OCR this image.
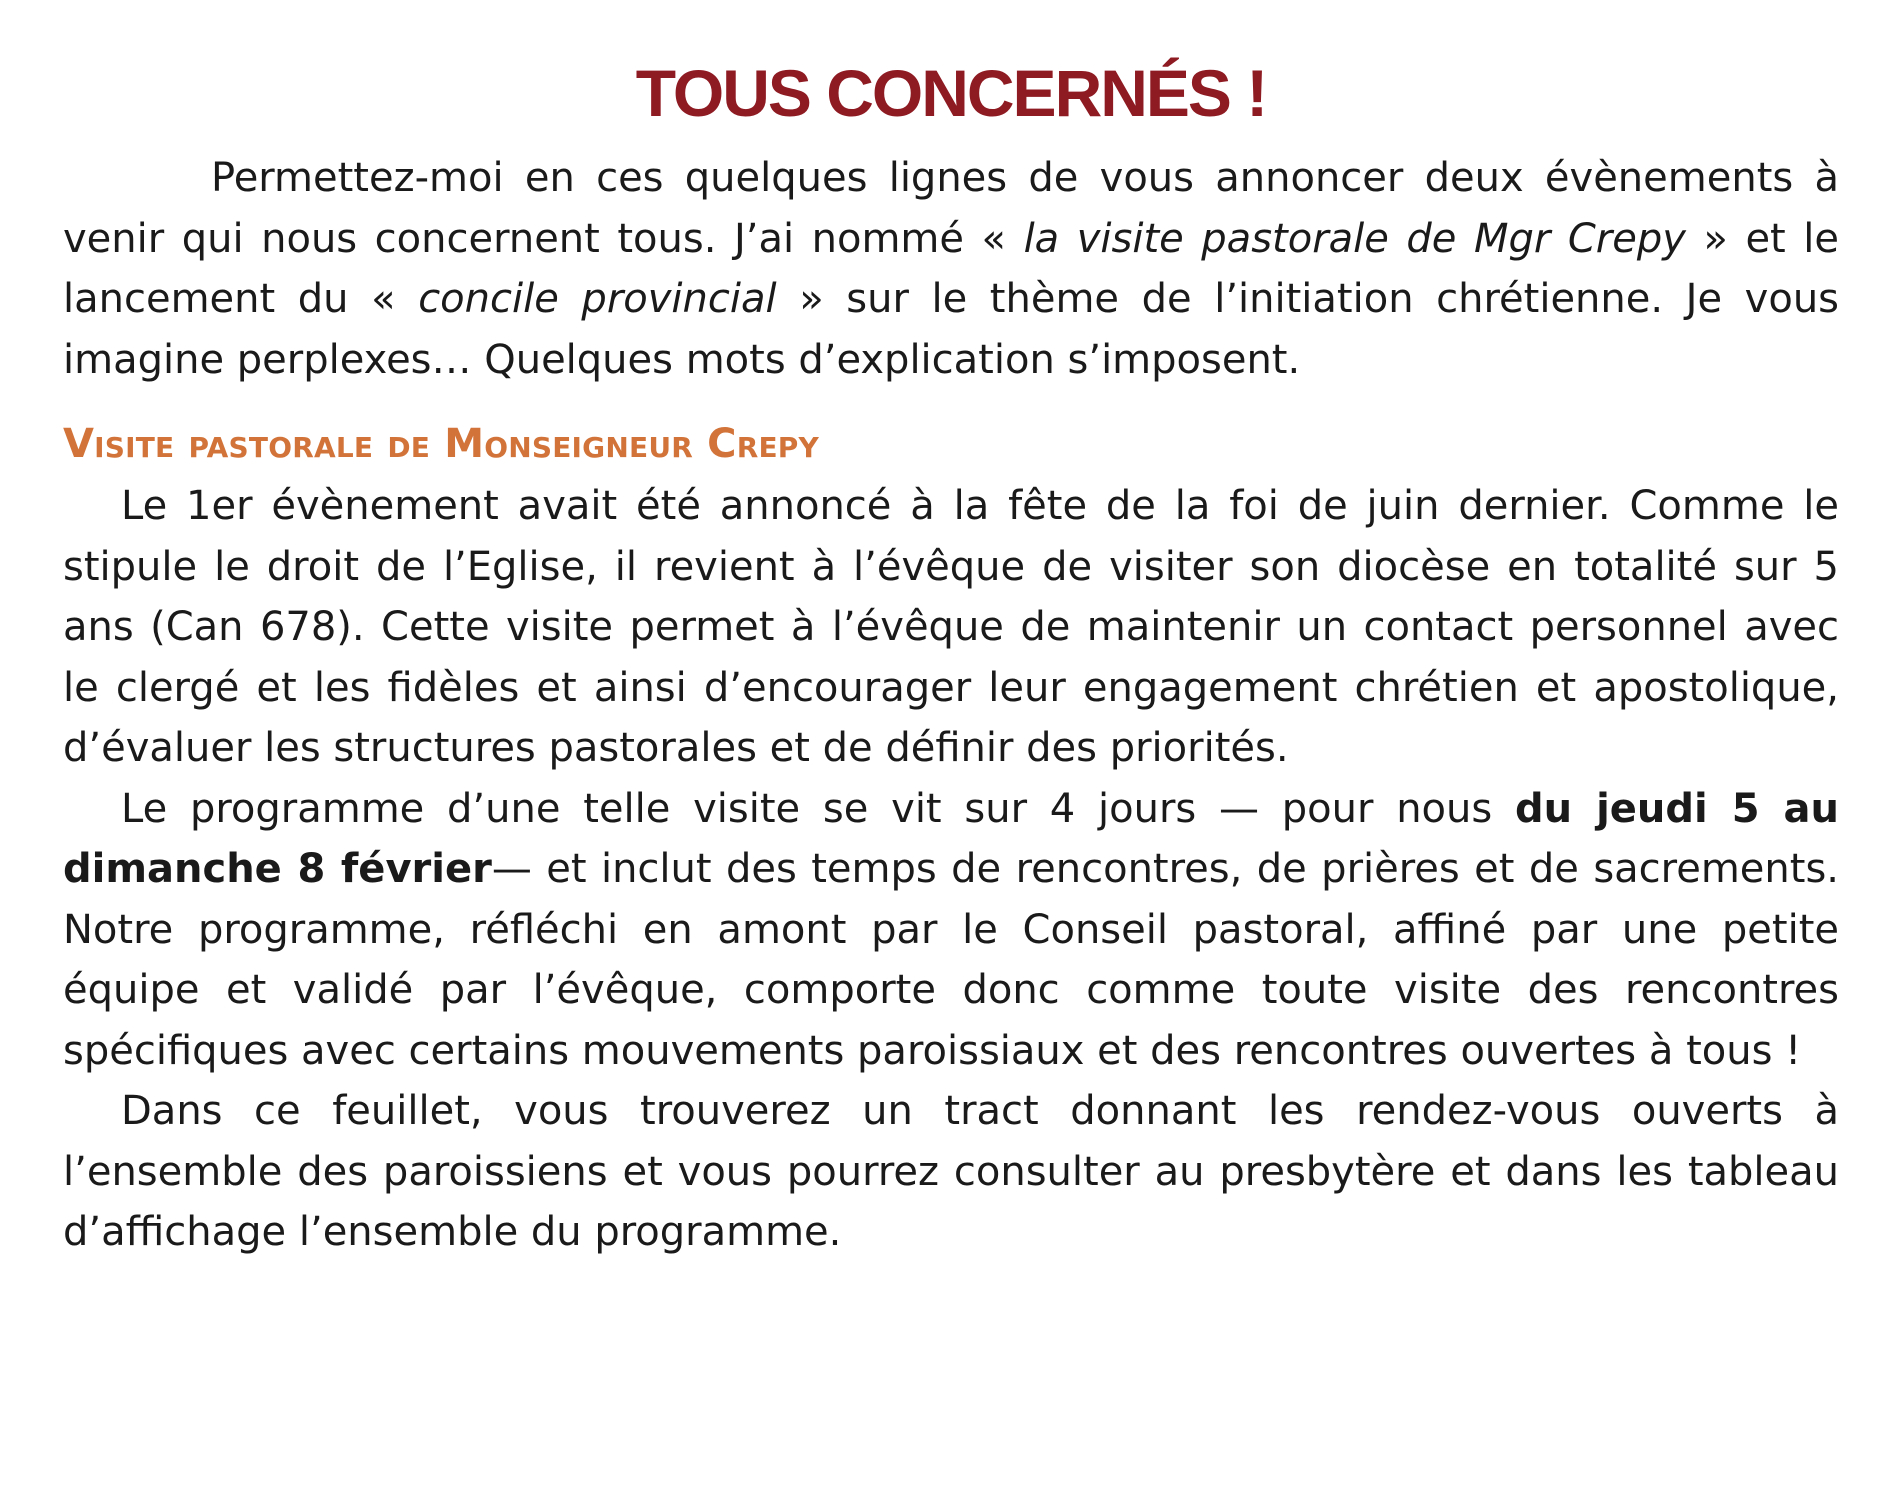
TOUS CONCERNÉS !

Permettez-moi en ces quelques lignes de vous annoncer deux évènements à venir qui nous concernent tous. J’ai nommé « la visite pastorale de Mgr Crepy » et le lancement du « concile provincial » sur le thème de l’initiation chrétienne. Je vous imagine perplexes… Quelques mots d’explication s’imposent.

Visite pastorale de Monseigneur Crepy

Le 1er évènement avait été annoncé à la fête de la foi de juin dernier. Comme le stipule le droit de l’Eglise, il revient à l’évêque de visiter son diocèse en totalité sur 5 ans (Can 678). Cette visite permet à l’évêque de maintenir un contact personnel avec le clergé et les fidèles et ainsi d’encourager leur engagement chrétien et apostolique, d’évaluer les structures pastorales et de définir des priorités.

Le programme d’une telle visite se vit sur 4 jours — pour nous du jeudi 5 au dimanche 8 février— et inclut des temps de rencontres, de prières et de sacrements. Notre programme, réfléchi en amont par le Conseil pastoral, affiné par une petite équipe et validé par l’évêque, comporte donc comme toute visite des rencontres spécifiques avec certains mouvements paroissiaux et des rencontres ouvertes à tous !

Dans ce feuillet, vous trouverez un tract donnant les rendez-vous ouverts à l’ensemble des paroissiens et vous pourrez consulter au presbytère et dans les tableau d’affichage l’ensemble du programme.
